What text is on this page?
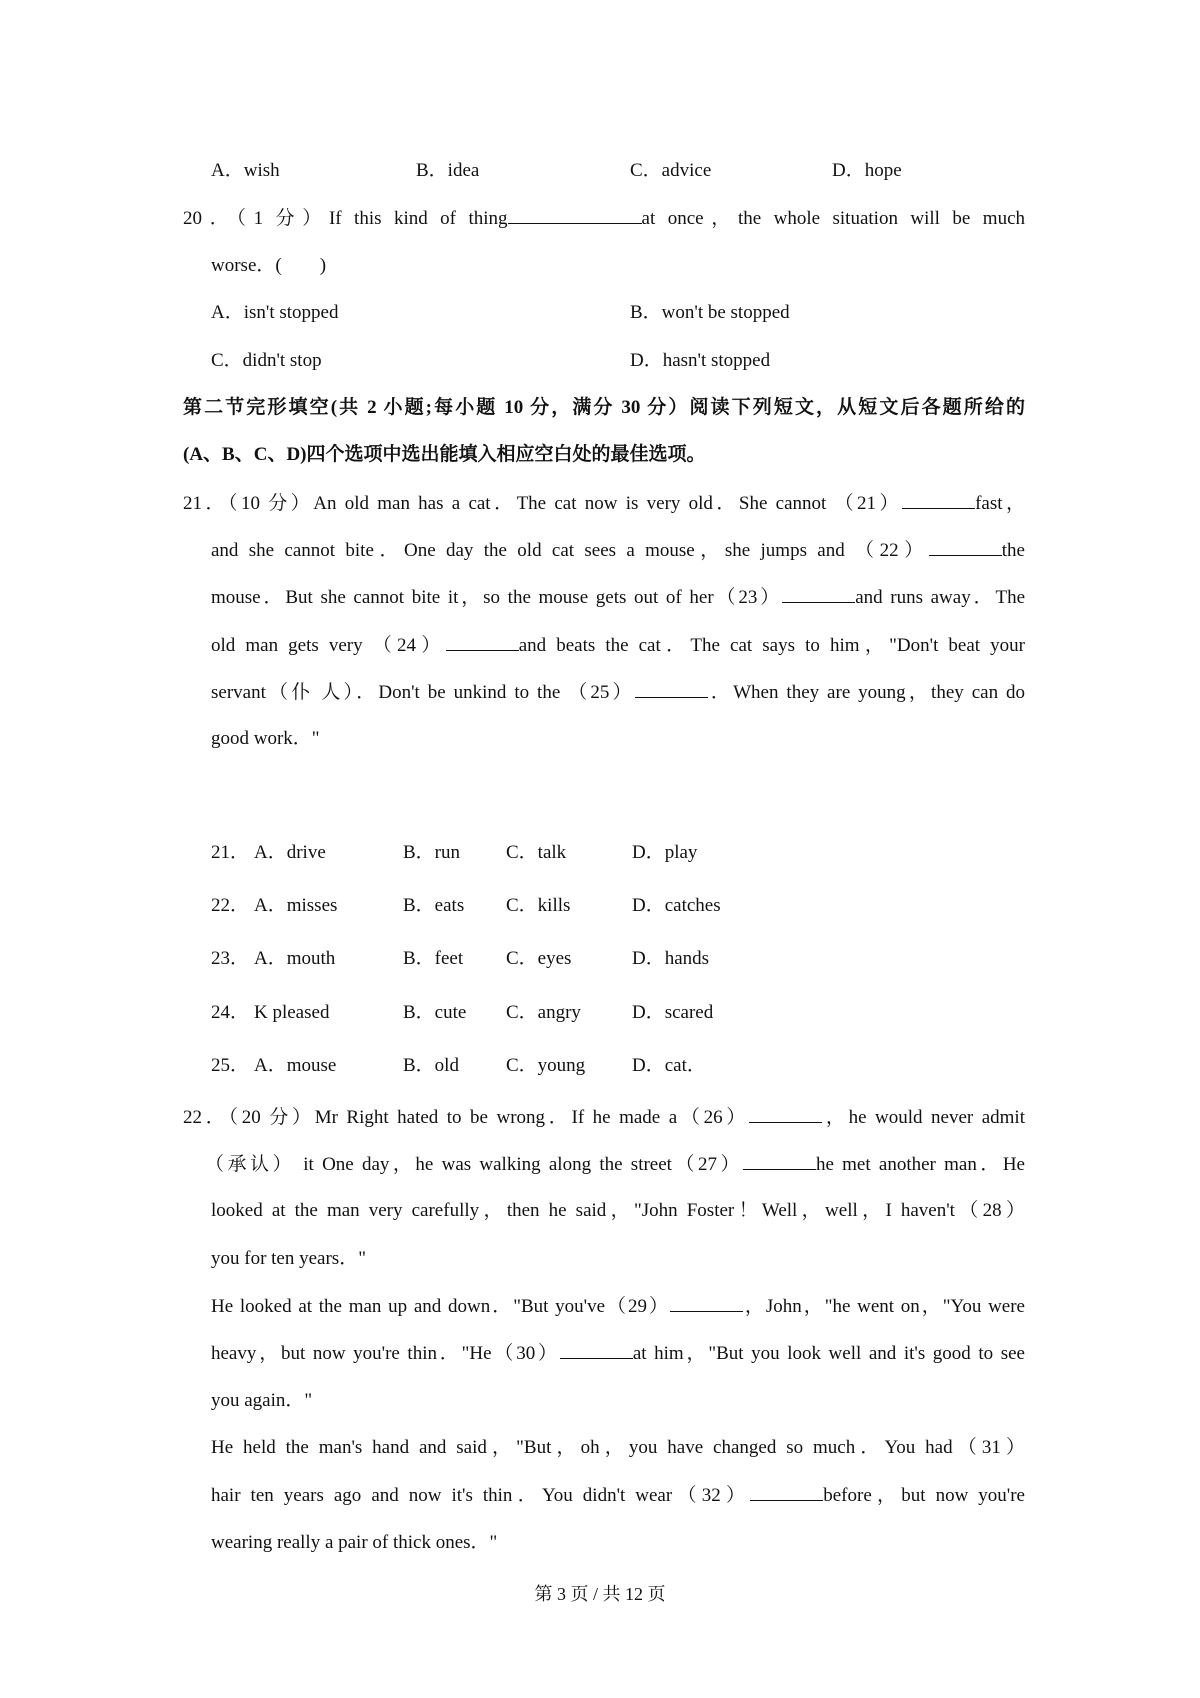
A．wish	B．idea	C．advice	D．hope
20．（1 分）If this kind of thing	at once，the whole situation will be much
worse．(　　)
A．isn't stopped	B．won't be stopped
C．didn't stop	D．hasn't stopped
第二节完形填空(共 2 小题;每小题 10 分，满分 30 分）阅读下列短文，从短文后各题所给的
(A、B、C、D)四个选项中选出能填入相应空白处的最佳选项。
21．（10 分）An old man has a cat．The cat now is very old．She cannot （21）	fast，
and she cannot bite．One day the old cat sees a mouse，she jumps and （22）	the
mouse．But she cannot bite it，so the mouse gets out of her（23）	and runs away．The
old man gets very （24）	and beats the cat．The cat says to him，"Don't beat your
servant（仆 人）．Don't be unkind to the （25）	．When they are young，they can do
good work．"
21． A．drive	B．run C．talk	D．play
22． A．misses	B．eats C．kills	D．catches
23． A．mouth	B．feet C．eyes	D．hands
24． K pleased	B．cute C．angry	D．scared
25． A．mouse	B．old C．young D．cat．
22．（20 分）Mr Right hated to be wrong．If he made a（26）	，he would never admit
（承认） it One day，he was walking along the street（27）	he met another man．He
looked at the man very carefully，then he said，"John Foster！Well，well，I haven't（28）
you for ten years．"
He looked at the man up and down．"But you've（29）	，John，"he went on，"You were
heavy，but now you're thin．"He（30）	at him，"But you look well and it's good to see
you again．"
He held the man's hand and said，"But，oh，you have changed so much．You had（31）
hair ten years ago and now it's thin．You didn't wear（32）	before，but now you're
wearing really a pair of thick ones．"
第 3 页 / 共 12 页
